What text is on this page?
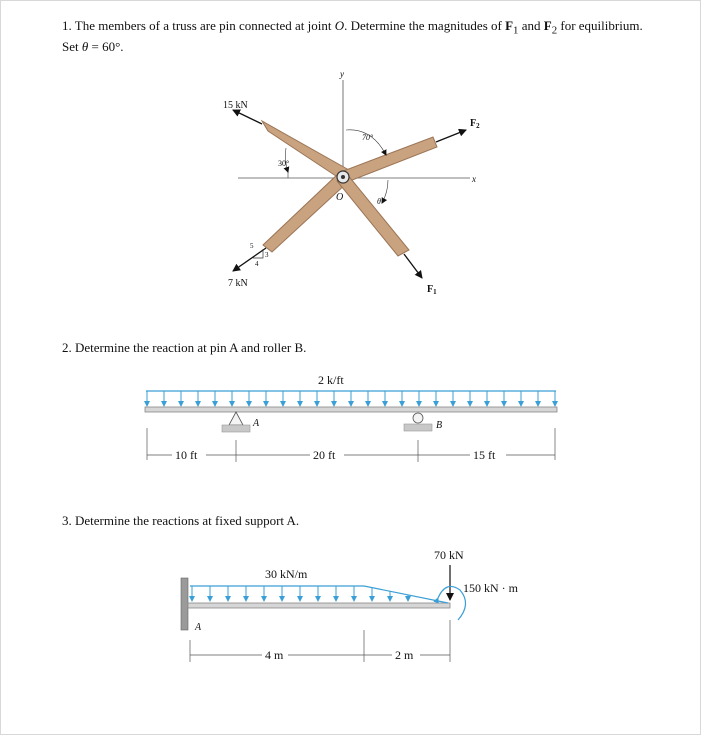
1. The members of a truss are pin connected at joint O. Determine the magnitudes of $F_1$ and $F_2$ for equilibrium. Set θ = 60°.
2. Determine the reaction at pin A and roller B.
3. Determine the reactions at fixed support A.
y
x
O
15 kN
$F_2$
7 kN
$F_1$
5
3
4
30°
70°
θ
2 k/ft
A	B
10 ft	20 ft	15 ft
30 kN/m
70 kN
150 kN · m
A
4 m	2 m
